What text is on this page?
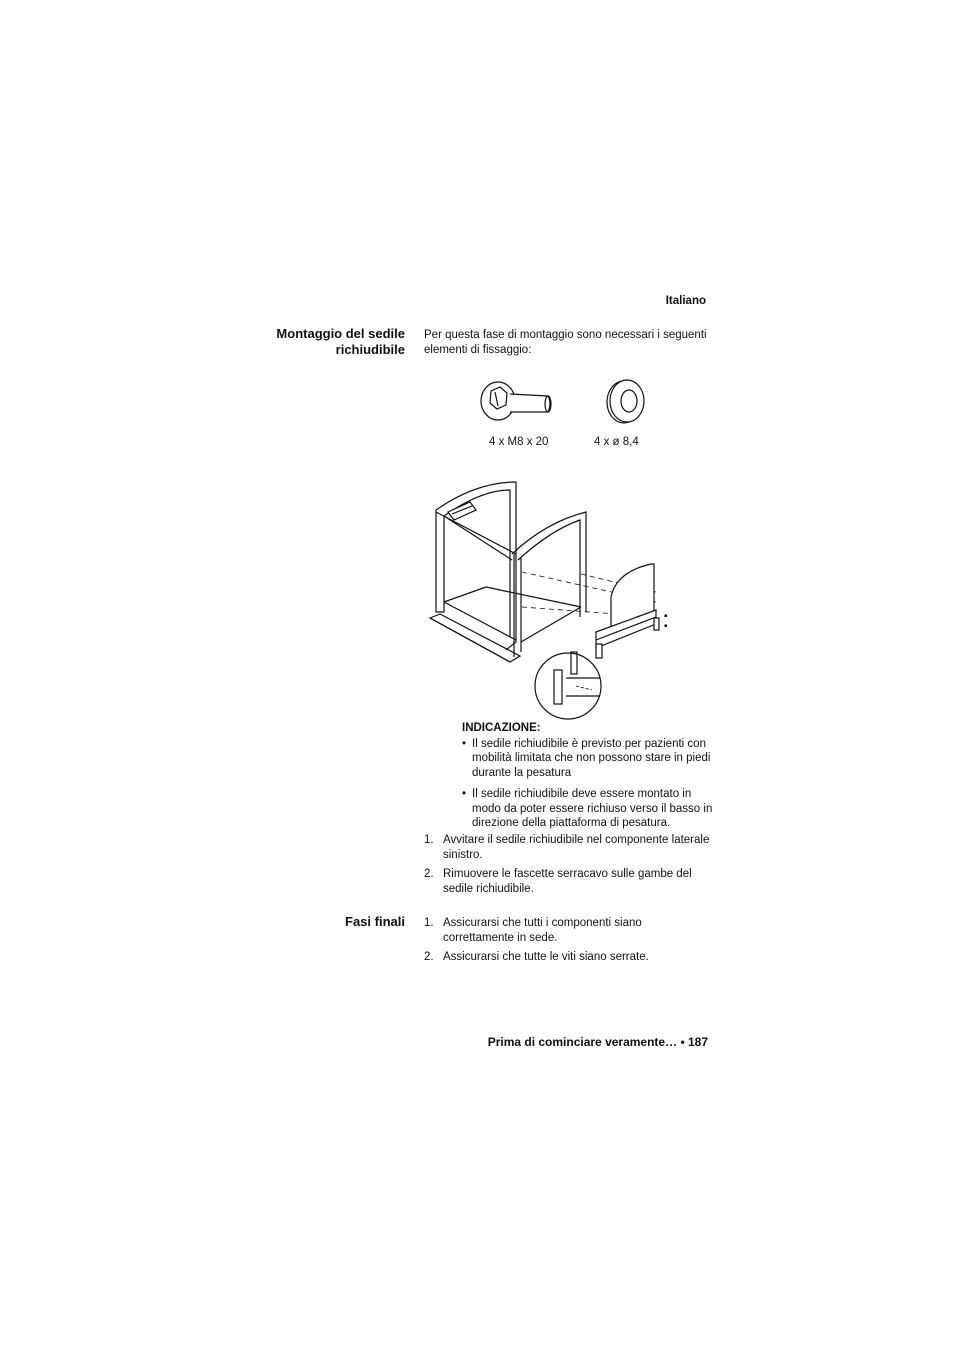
Italiano
Montaggio del sedile
richiudibile
Per questa fase di montaggio sono necessari i seguenti elementi di fissaggio:
4 x M8 x 20	4 x ø 8,4
▪
▪
INDICAZIONE:
• Il sedile richiudibile è previsto per pazienti con mobilità limitata che non possono stare in piedi durante la pesatura
• Il sedile richiudibile deve essere montato in modo da poter essere richiuso verso il basso in direzione della piattaforma di pesatura.
1. Avvitare il sedile richiudibile nel componente laterale sinistro.
2. Rimuovere le fascette serracavo sulle gambe del sedile richiudibile.
Fasi finali 1. Assicurarsi che tutti i componenti siano correttamente in sede.
2. Assicurarsi che tutte le viti siano serrate.
Prima di cominciare veramente… • 187
